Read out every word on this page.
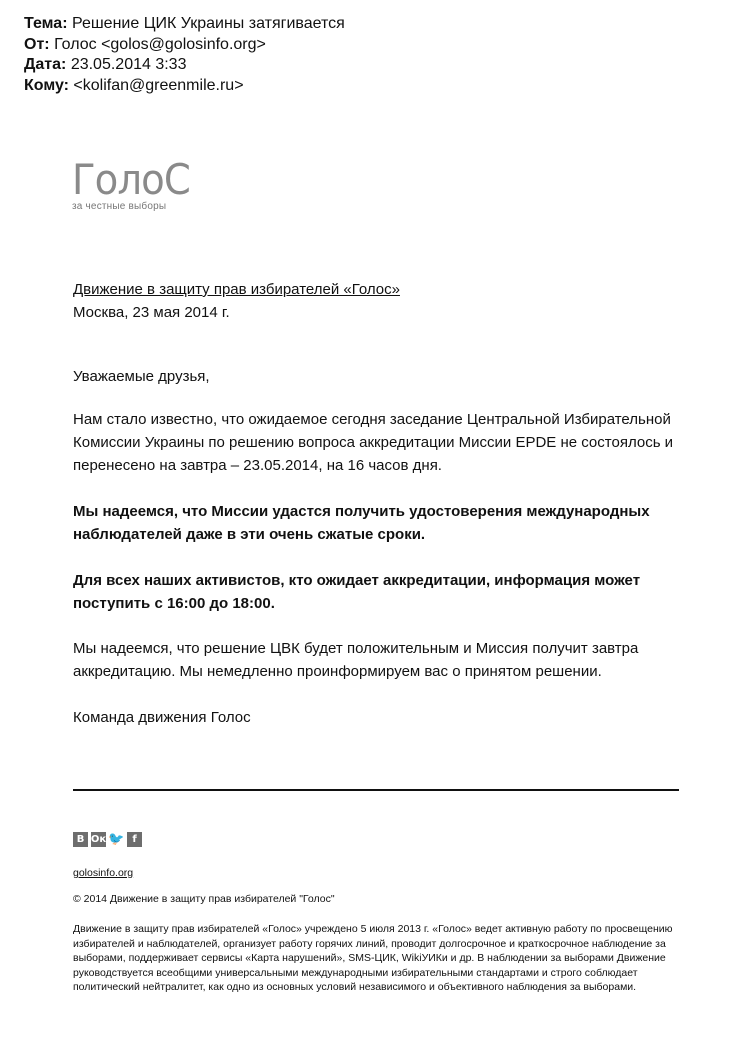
Тема: Решение ЦИК Украины затягивается
От: Голос <golos@golosinfo.org>
Дата: 23.05.2014 3:33
Кому: <kolifan@greenmile.ru>
ГолоС
за честные выборы
Движение в защиту прав избирателей «Голос»
Москва, 23 мая 2014 г.
Уважаемые друзья,
Нам стало известно, что ожидаемое сегодня заседание Центральной Избирательной Комиссии Украины по решению вопроса аккредитации Миссии EPDE не состоялось и перенесено на завтра – 23.05.2014, на 16 часов дня.
Мы надеемся, что Миссии удастся получить удостоверения международных наблюдателей даже в эти очень сжатые сроки.
Для всех наших активистов, кто ожидает аккредитации, информация может поступить с 16:00 до 18:00.
Мы надеемся, что решение ЦВК будет положительным и Миссия получит завтра аккредитацию. Мы немедленно проинформируем вас о принятом решении.
Команда движения Голос
В Ок 🐦 f
golosinfo.org
© 2014 Движение в защиту прав избирателей "Голос"
Движение в защиту прав избирателей «Голос» учреждено 5 июля 2013 г. «Голос» ведет активную работу по просвещению избирателей и наблюдателей, организует работу горячих линий, проводит долгосрочное и краткосрочное наблюдение за выборами, поддерживает сервисы «Карта нарушений», SMS-ЦИК, WikiУИКи и др. В наблюдении за выборами Движение руководствуется всеобщими универсальными международными избирательными стандартами и строго соблюдает политический нейтралитет, как одно из основных условий независимого и объективного наблюдения за выборами.
